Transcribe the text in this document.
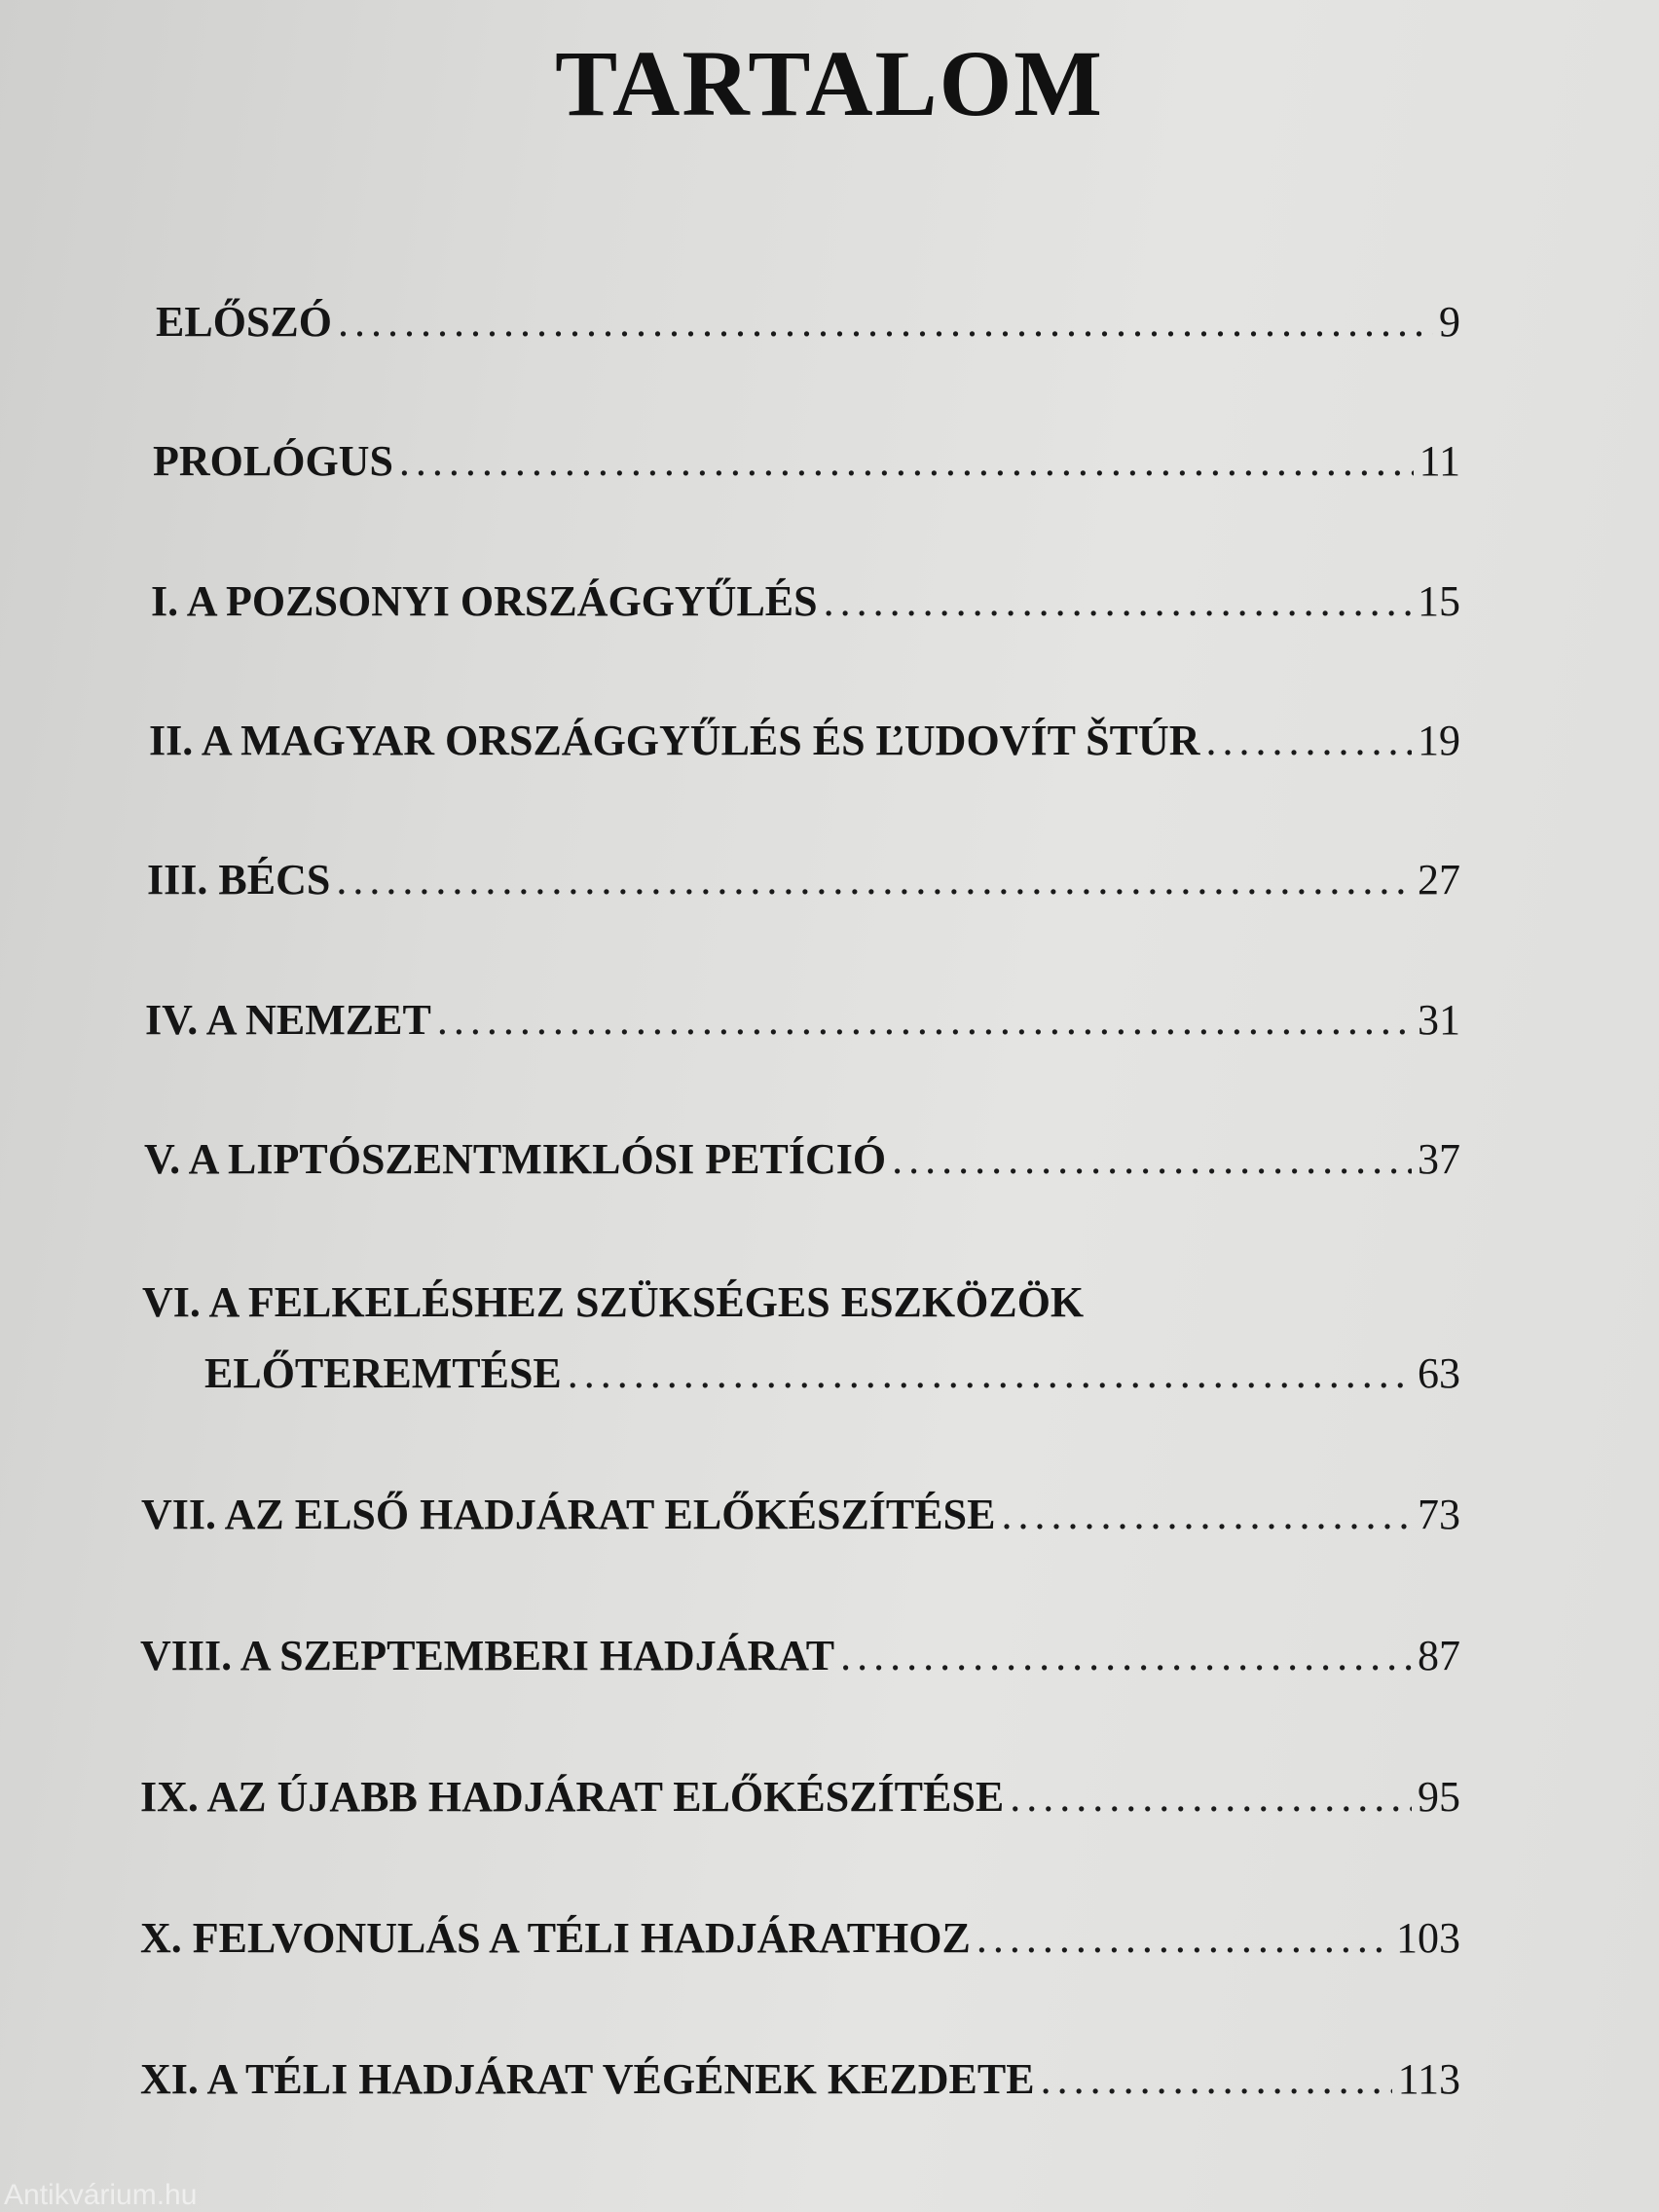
TARTALOM
ELŐSZÓ .....	9
PROLÓGUS .....	11
I. A POZSONYI ORSZÁGGYŰLÉS .....	15
II. A MAGYAR ORSZÁGGYŰLÉS ÉS ĽUDOVÍT ŠTÚR .....	19
III. BÉCS .....	27
IV. A NEMZET .....	31
V. A LIPTÓSZENTMIKLÓSI PETÍCIÓ .....	37
VI. A FELKELÉSHEZ SZÜKSÉGES ESZKÖZÖK
ELŐTEREMTÉSE .....	63
VII. AZ ELSŐ HADJÁRAT ELŐKÉSZÍTÉSE .....	73
VIII. A SZEPTEMBERI HADJÁRAT .....	87
IX. AZ ÚJABB HADJÁRAT ELŐKÉSZÍTÉSE .....	95
X. FELVONULÁS A TÉLI HADJÁRATHOZ .....	103
XI. A TÉLI HADJÁRAT VÉGÉNEK KEZDETE .....	113
Antikvárium.hu
